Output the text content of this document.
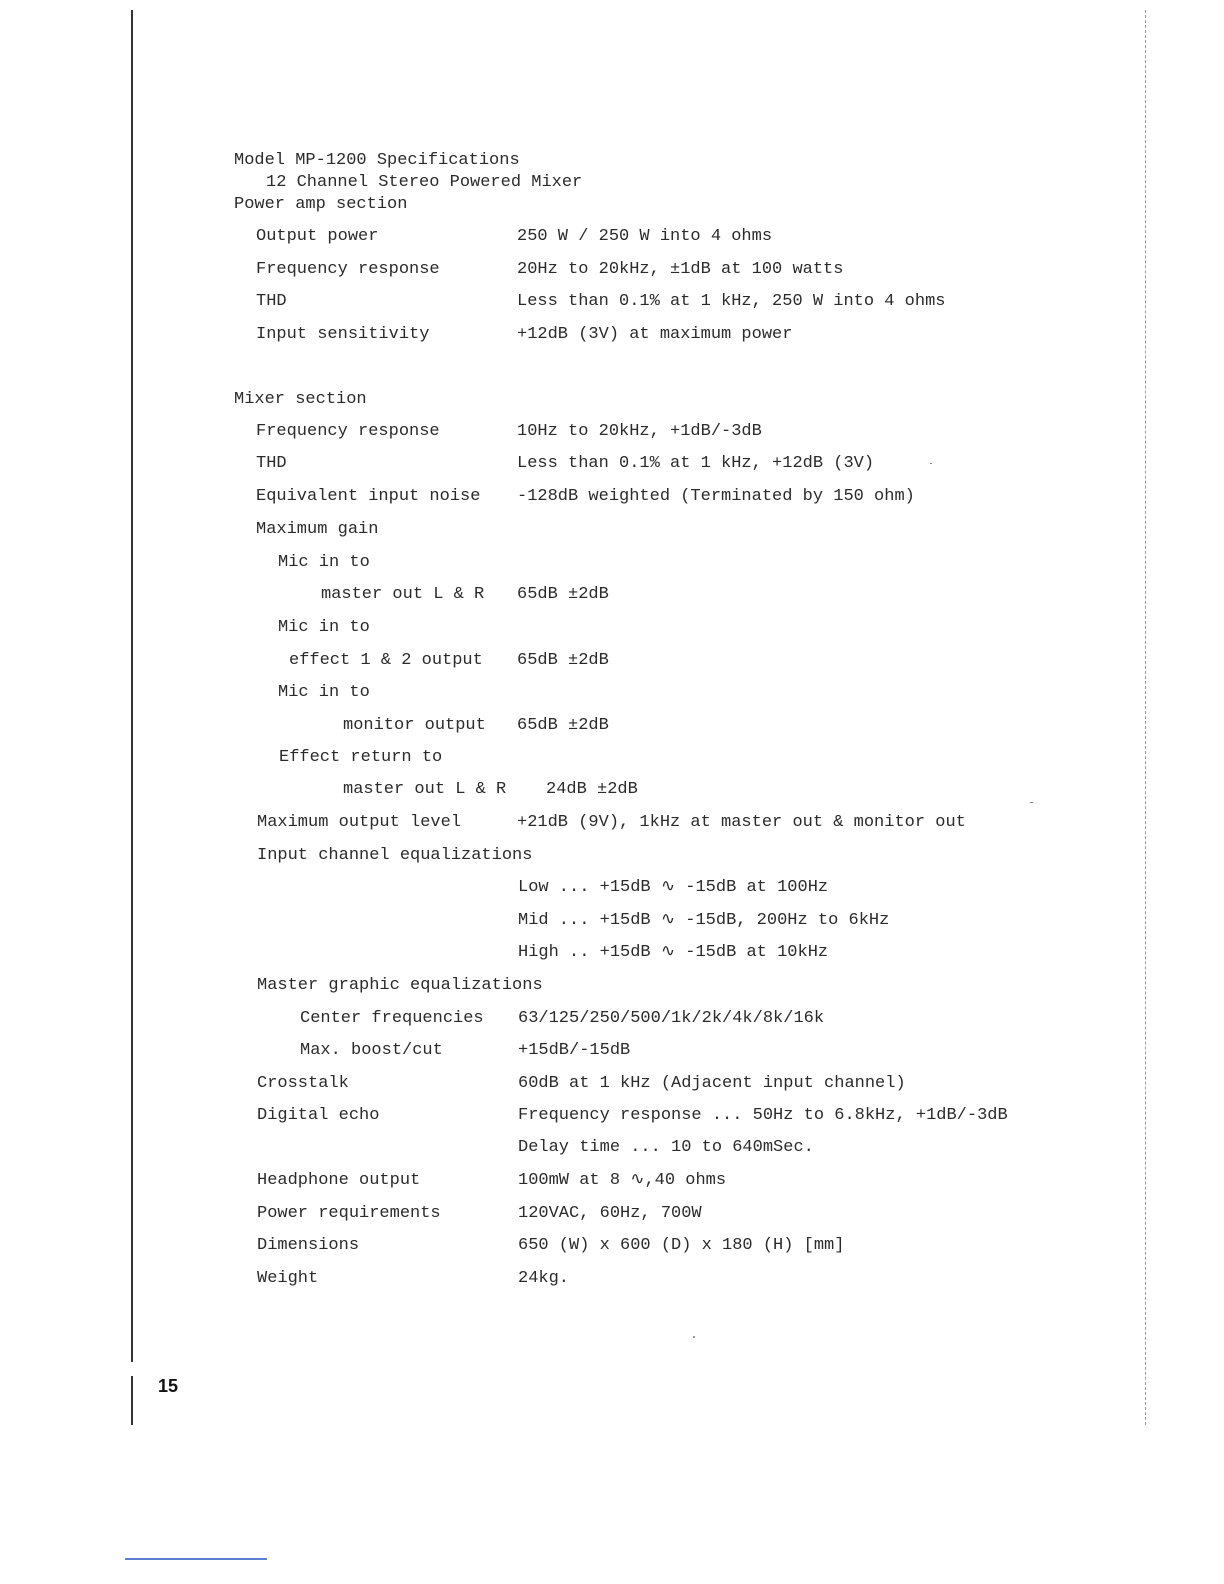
Model MP-1200 Specifications
12 Channel Stereo Powered Mixer
Power amp section
Output power	250 W / 250 W into 4 ohms
Frequency response	20Hz to 20kHz, ±1dB at 100 watts
THD	Less than 0.1% at 1 kHz, 250 W into 4 ohms
Input sensitivity	+12dB (3V) at maximum power
Mixer section
Frequency response	10Hz to 20kHz, +1dB/-3dB
THD	Less than 0.1% at 1 kHz, +12dB (3V)
Equivalent input noise -128dB weighted (Terminated by 150 ohm)
Maximum gain
Mic in to
master out L & R 65dB ±2dB
Mic in to
effect 1 & 2 output 65dB ±2dB
Mic in to
monitor output 65dB ±2dB
Effect return to
master out L & R 24dB ±2dB
Maximum output level	+21dB (9V), 1kHz at master out & monitor out
Input channel equalizations
Low ... +15dB ∿ -15dB at 100Hz
Mid ... +15dB ∿ -15dB, 200Hz to 6kHz
High .. +15dB ∿ -15dB at 10kHz
Master graphic equalizations
Center frequencies 63/125/250/500/1k/2k/4k/8k/16k
Max. boost/cut	+15dB/-15dB
Crosstalk	60dB at 1 kHz (Adjacent input channel)
Digital echo	Frequency response ... 50Hz to 6.8kHz, +1dB/-3dB
Delay time ... 10 to 640mSec.
Headphone output	100mW at 8 ∿,40 ohms
Power requirements	120VAC, 60Hz, 700W
Dimensions	650 (W) x 600 (D) x 180 (H) [mm]
Weight	24kg.
15
